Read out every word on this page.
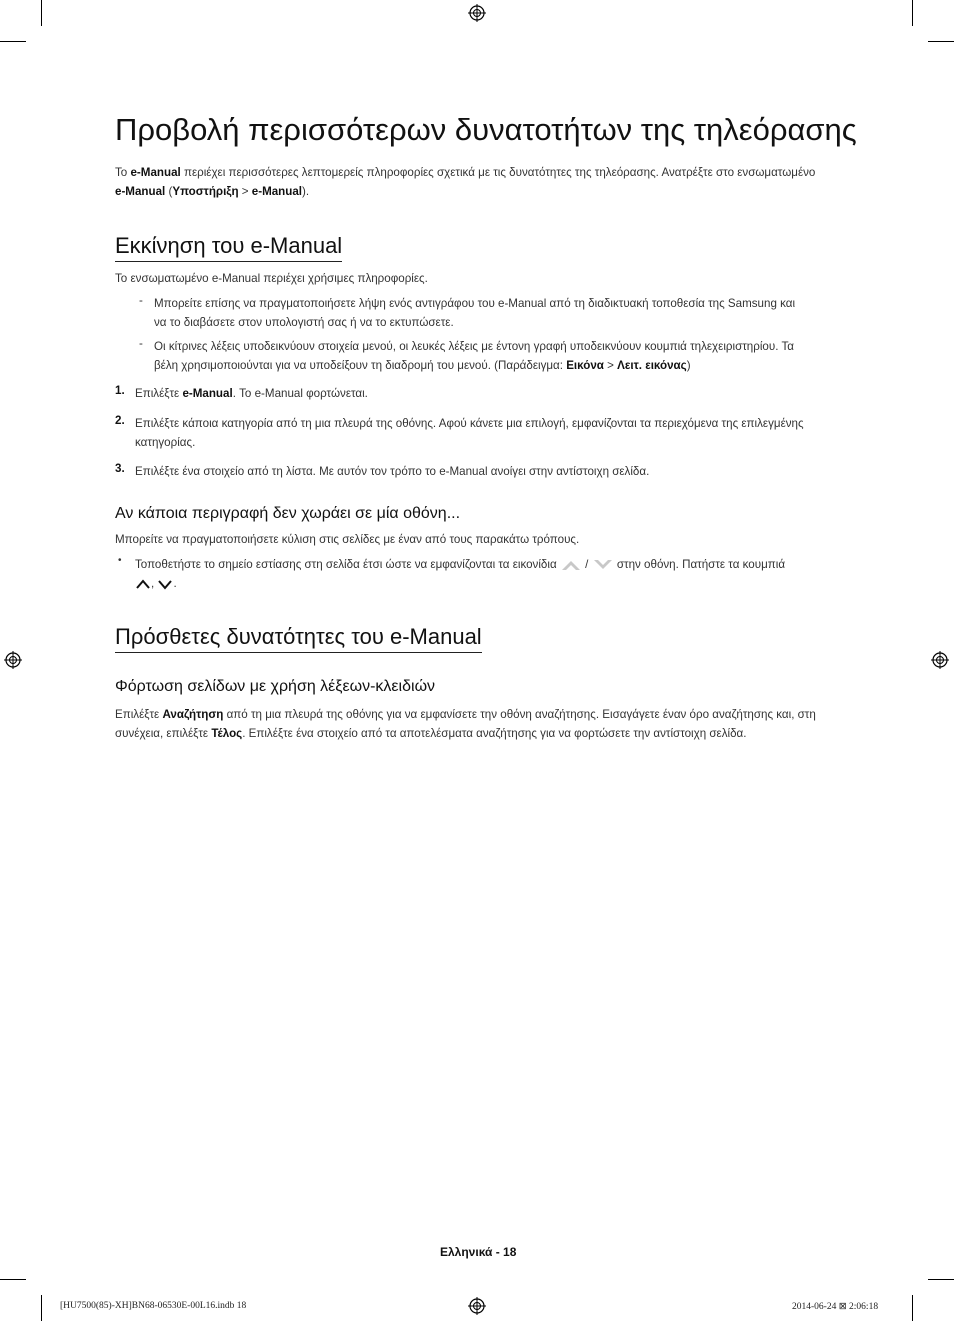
Προβολή περισσότερων δυνατοτήτων της τηλεόρασης
Το e-Manual περιέχει περισσότερες λεπτομερείς πληροφορίες σχετικά με τις δυνατότητες της τηλεόρασης. Ανατρέξτε στο ενσωματωμένο
e-Manual (Υποστήριξη > e-Manual).
Εκκίνηση του e-Manual
Το ενσωματωμένο e-Manual περιέχει χρήσιμες πληροφορίες.
- Μπορείτε επίσης να πραγματοποιήσετε λήψη ενός αντιγράφου του e-Manual από τη διαδικτυακή τοποθεσία της Samsung και
να το διαβάσετε στον υπολογιστή σας ή να το εκτυπώσετε.
- Οι κίτρινες λέξεις υποδεικνύουν στοιχεία μενού, οι λευκές λέξεις με έντονη γραφή υποδεικνύουν κουμπιά τηλεχειριστηρίου. Τα
βέλη χρησιμοποιούνται για να υποδείξουν τη διαδρομή του μενού. (Παράδειγμα: Εικόνα > Λειτ. εικόνας)
1. Επιλέξτε e-Manual. Το e-Manual φορτώνεται.
2. Επιλέξτε κάποια κατηγορία από τη μια πλευρά της οθόνης. Αφού κάνετε μια επιλογή, εμφανίζονται τα περιεχόμενα της επιλεγμένης
κατηγορίας.
3. Επιλέξτε ένα στοιχείο από τη λίστα. Με αυτόν τον τρόπο το e-Manual ανοίγει στην αντίστοιχη σελίδα.
Αν κάποια περιγραφή δεν χωράει σε μία οθόνη...
Μπορείτε να πραγματοποιήσετε κύλιση στις σελίδες με έναν από τους παρακάτω τρόπους.
• Τοποθετήστε το σημείο εστίασης στη σελίδα έτσι ώστε να εμφανίζονται τα εικονίδια / στην οθόνη. Πατήστε τα κουμπιά
, .
Πρόσθετες δυνατότητες του e-Manual
Φόρτωση σελίδων με χρήση λέξεων-κλειδιών
Επιλέξτε Αναζήτηση από τη μια πλευρά της οθόνης για να εμφανίσετε την οθόνη αναζήτησης. Εισαγάγετε έναν όρο αναζήτησης και, στη
συνέχεια, επιλέξτε Τέλος. Επιλέξτε ένα στοιχείο από τα αποτελέσματα αναζήτησης για να φορτώσετε την αντίστοιχη σελίδα.
Ελληνικά - 18
[HU7500(85)-XH]BN68-06530E-00L16.indb 18	2014-06-24 ⊠ 2:06:18
